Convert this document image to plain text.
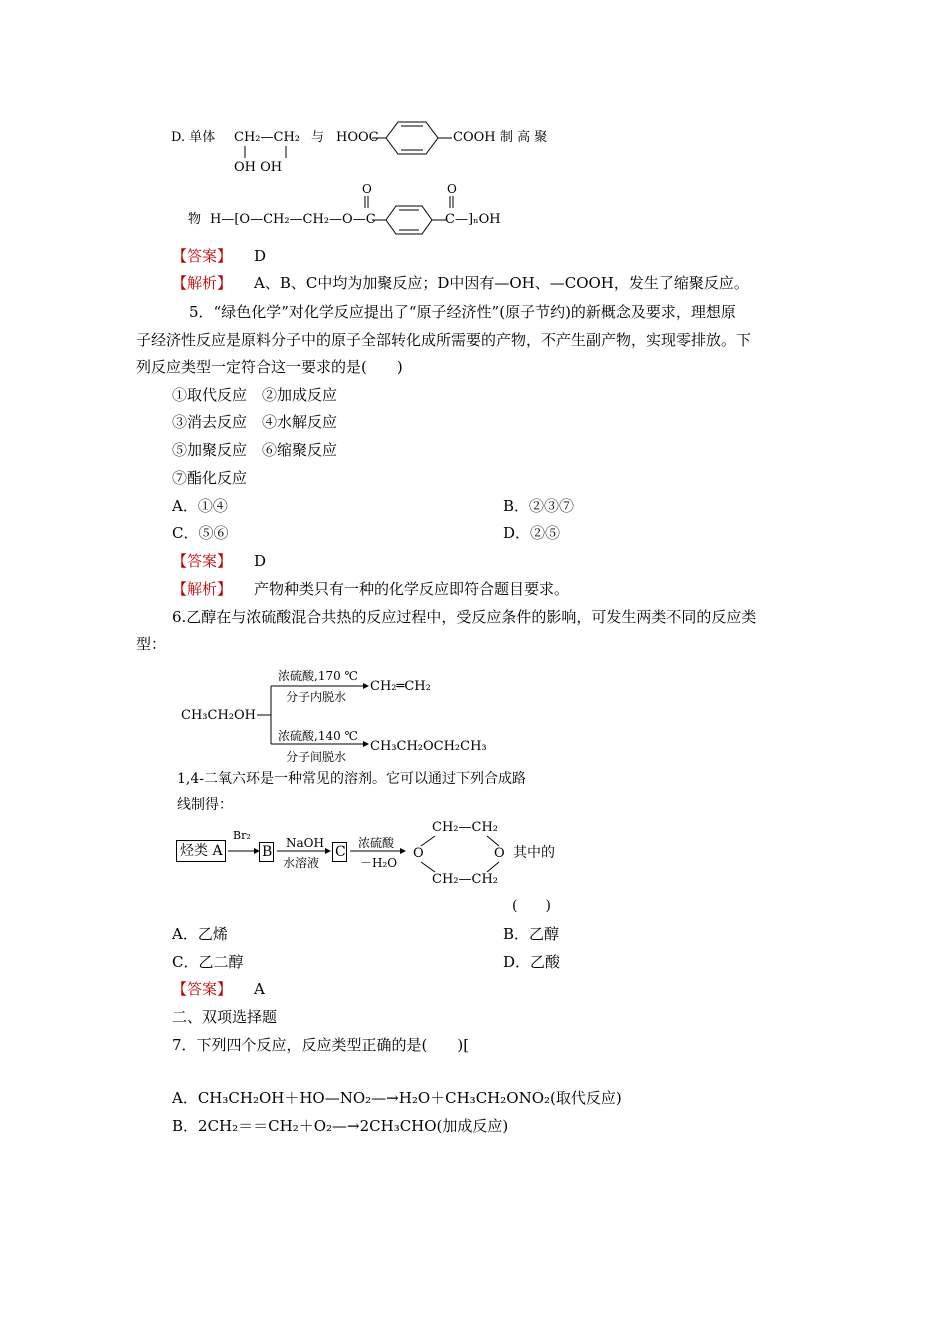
D. 单体 CH₂—CH₂
OH OH
与 HOOC	COOH 制 高 聚
物 H—[O—CH₂—CH₂—O—C
O	O
C—]ₙOH
【答案】 D
【解析】 A、B、C中均为加聚反应；D中因有—OH、—COOH，发生了缩聚反应。
5．“绿色化学”对化学反应提出了“原子经济性”(原子节约)的新概念及要求，理想原
子经济性反应是原料分子中的原子全部转化成所需要的产物，不产生副产物，实现零排放。下
列反应类型一定符合这一要求的是(　　)
①取代反应　②加成反应
③消去反应　④水解反应
⑤加聚反应　⑥缩聚反应
⑦酯化反应
A．①④	B．②③⑦
C．⑤⑥	D．②⑤
【答案】 D
【解析】 产物种类只有一种的化学反应即符合题目要求。
6.乙醇在与浓硫酸混合共热的反应过程中，受反应条件的影响，可发生两类不同的反应类
型：
CH₃CH₂OH
浓硫酸,170 ℃
分子内脱水
CH₂═CH₂
浓硫酸,140 ℃
分子间脱水
CH₃CH₂OCH₂CH₃
1,4-二氧六环是一种常见的溶剂。它可以通过下列合成路
线制得：
烃类 A
Br₂
B
NaOH
水溶液
C
浓硫酸
－H₂O
CH₂—CH₂
O	O
CH₂—CH₂
其中的
(　　)
A．乙烯	B．乙醇
C．乙二醇	D．乙酸
【答案】 A
二、双项选择题
7．下列四个反应，反应类型正确的是(　　)[
A．CH₃CH₂OH＋HO—NO₂—→H₂O＋CH₃CH₂ONO₂(取代反应)
B．2CH₂＝＝CH₂＋O₂—→2CH₃CHO(加成反应)
